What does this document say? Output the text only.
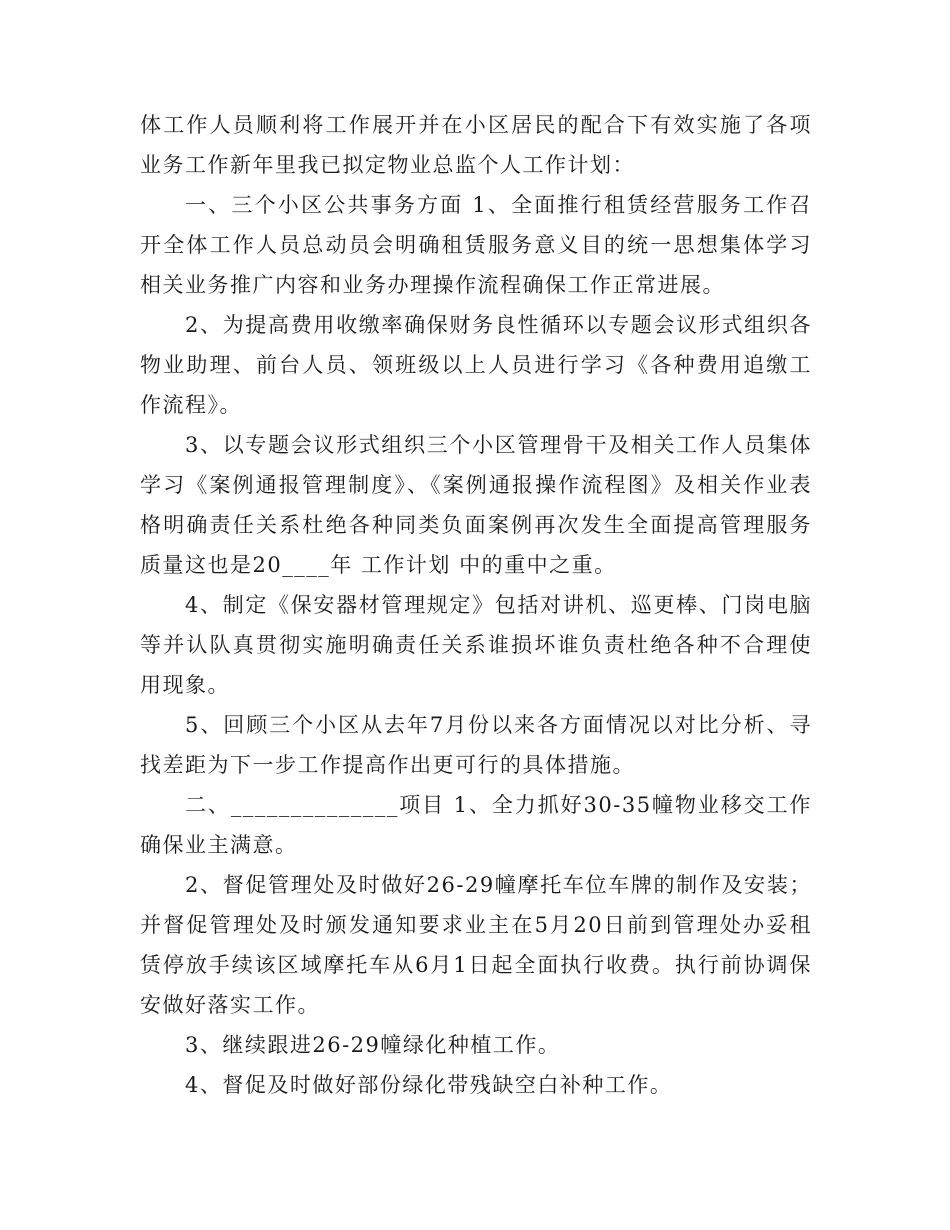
体工作人员顺利将工作展开并在小区居民的配合下有效实施了各项业务工作新年里我已拟定物业总监个人工作计划：

一、三个小区公共事务方面 1、全面推行租赁经营服务工作召开全体工作人员总动员会明确租赁服务意义目的统一思想集体学习相关业务推广内容和业务办理操作流程确保工作正常进展。

2、为提高费用收缴率确保财务良性循环以专题会议形式组织各物业助理、前台人员、领班级以上人员进行学习《各种费用追缴工作流程》。

3、以专题会议形式组织三个小区管理骨干及相关工作人员集体学习《案例通报管理制度》、《案例通报操作流程图》及相关作业表格明确责任关系杜绝各种同类负面案例再次发生全面提高管理服务质量这也是20____年 工作计划 中的重中之重。

4、制定《保安器材管理规定》包括对讲机、巡更棒、门岗电脑等并认队真贯彻实施明确责任关系谁损坏谁负责杜绝各种不合理使用现象。

5、回顾三个小区从去年7月份以来各方面情况以对比分析、寻找差距为下一步工作提高作出更可行的具体措施。

二、______________项目 1、全力抓好30-35幢物业移交工作确保业主满意。

2、督促管理处及时做好26-29幢摩托车位车牌的制作及安装；并督促管理处及时颁发通知要求业主在5月20日前到管理处办妥租赁停放手续该区域摩托车从6月1日起全面执行收费。执行前协调保安做好落实工作。

3、继续跟进26-29幢绿化种植工作。

4、督促及时做好部份绿化带残缺空白补种工作。
